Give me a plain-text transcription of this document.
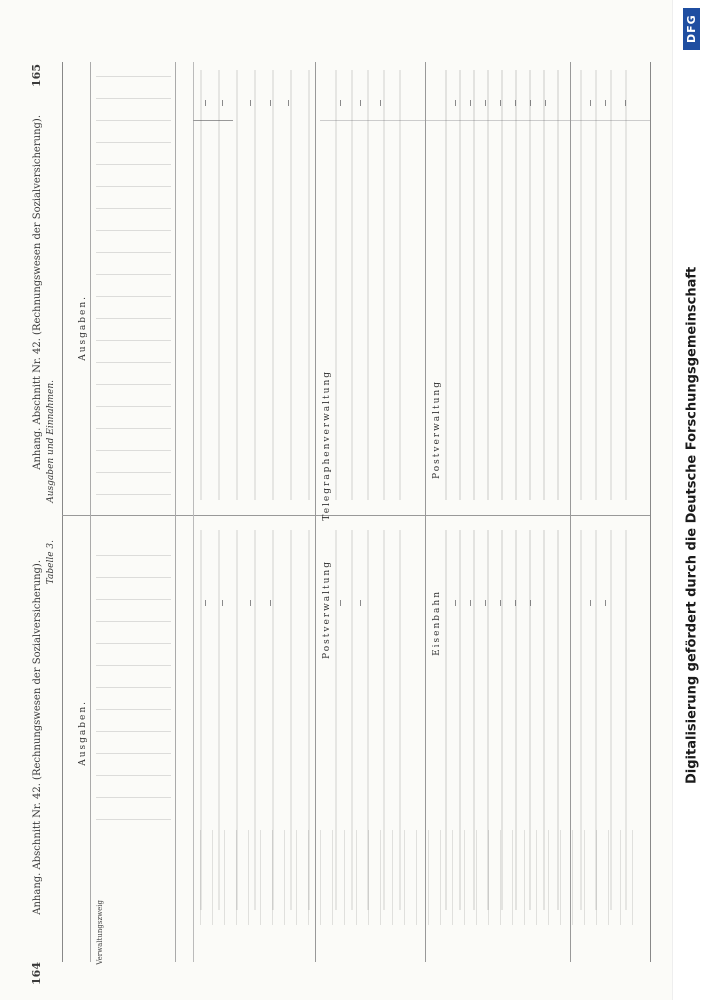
164
Anhang. Abschnitt Nr. 42. (Rechnungswesen der Sozialversicherung). Tabelle 3.
Anhang. Abschnitt Nr. 42. (Rechnungswesen der Sozialversicherung).
165
Ausgaben und Einnahmen.
Ausgaben.
Ausgaben.
Telegraphenverwaltung
Postverwaltung	Eisenbahn
Postverwaltung
Verwaltungszweig
DFG
Digitalisierung gefördert durch die Deutsche Forschungsgemeinschaft
